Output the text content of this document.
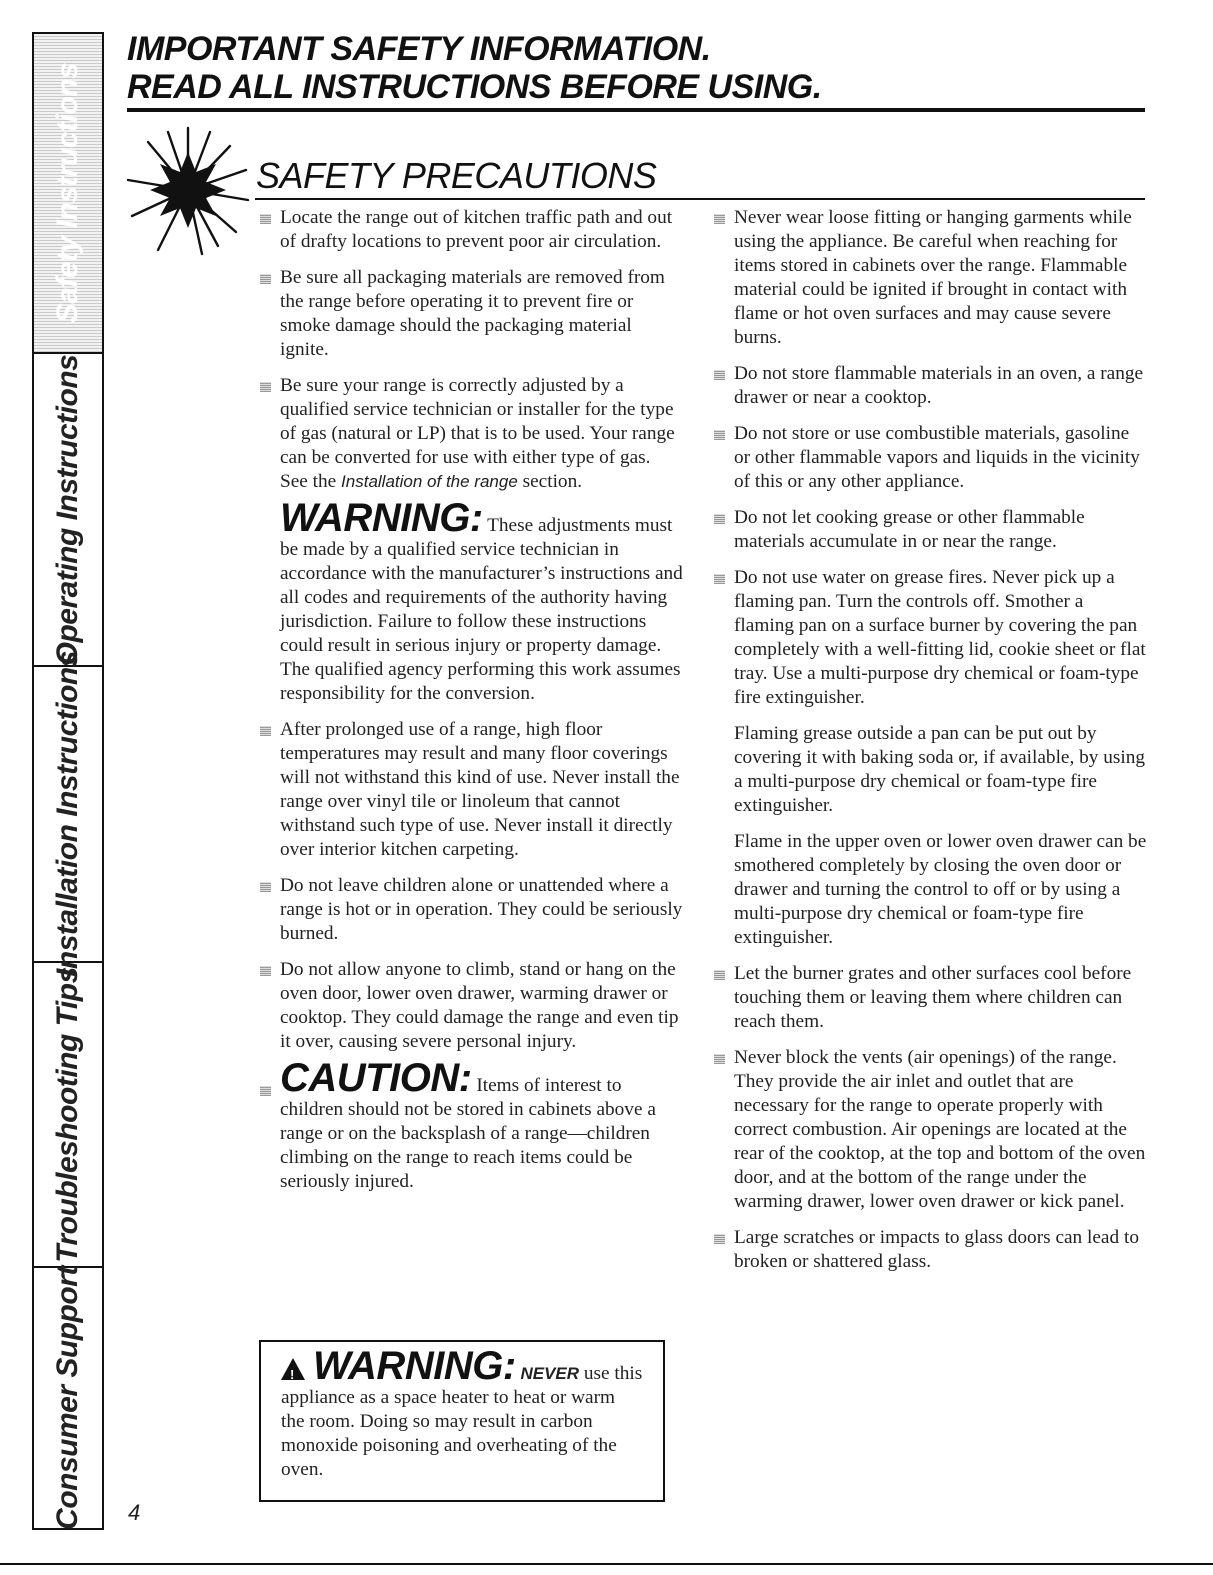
Safety Instructions
Operating Instructions
Installation Instructions
Troubleshooting Tips
Consumer Support
IMPORTANT SAFETY INFORMATION.
READ ALL INSTRUCTIONS BEFORE USING.
SAFETY PRECAUTIONS
Locate the range out of kitchen traffic path and out of drafty locations to prevent poor air circulation.
Be sure all packaging materials are removed from the range before operating it to prevent fire or smoke damage should the packaging material ignite.
Be sure your range is correctly adjusted by a qualified service technician or installer for the type of gas (natural or LP) that is to be used. Your range can be converted for use with either type of gas. See the Installation of the range section.
WARNING: These adjustments must be made by a qualified service technician in accordance with the manufacturer’s instructions and all codes and requirements of the authority having jurisdiction. Failure to follow these instructions could result in serious injury or property damage. The qualified agency performing this work assumes responsibility for the conversion.
After prolonged use of a range, high floor temperatures may result and many floor coverings will not withstand this kind of use. Never install the range over vinyl tile or linoleum that cannot withstand such type of use. Never install it directly over interior kitchen carpeting.
Do not leave children alone or unattended where a range is hot or in operation. They could be seriously burned.
Do not allow anyone to climb, stand or hang on the oven door, lower oven drawer, warming drawer or cooktop. They could damage the range and even tip it over, causing severe personal injury.
CAUTION: Items of interest to children should not be stored in cabinets above a range or on the backsplash of a range—children climbing on the range to reach items could be seriously injured.
!WARNING: NEVER use this appliance as a space heater to heat or warm the room. Doing so may result in carbon monoxide poisoning and overheating of the oven.
Never wear loose fitting or hanging garments while using the appliance. Be careful when reaching for items stored in cabinets over the range. Flammable material could be ignited if brought in contact with flame or hot oven surfaces and may cause severe burns.
Do not store flammable materials in an oven, a range drawer or near a cooktop.
Do not store or use combustible materials, gasoline or other flammable vapors and liquids in the vicinity of this or any other appliance.
Do not let cooking grease or other flammable materials accumulate in or near the range.
Do not use water on grease fires. Never pick up a flaming pan. Turn the controls off. Smother a flaming pan on a surface burner by covering the pan completely with a well-fitting lid, cookie sheet or flat tray. Use a multi-purpose dry chemical or foam-type fire extinguisher.
Flaming grease outside a pan can be put out by covering it with baking soda or, if available, by using a multi-purpose dry chemical or foam-type fire extinguisher.
Flame in the upper oven or lower oven drawer can be smothered completely by closing the oven door or drawer and turning the control to off or by using a multi-purpose dry chemical or foam-type fire extinguisher.
Let the burner grates and other surfaces cool before touching them or leaving them where children can reach them.
Never block the vents (air openings) of the range. They provide the air inlet and outlet that are necessary for the range to operate properly with correct combustion. Air openings are located at the rear of the cooktop, at the top and bottom of the oven door, and at the bottom of the range under the warming drawer, lower oven drawer or kick panel.
Large scratches or impacts to glass doors can lead to broken or shattered glass.
4
